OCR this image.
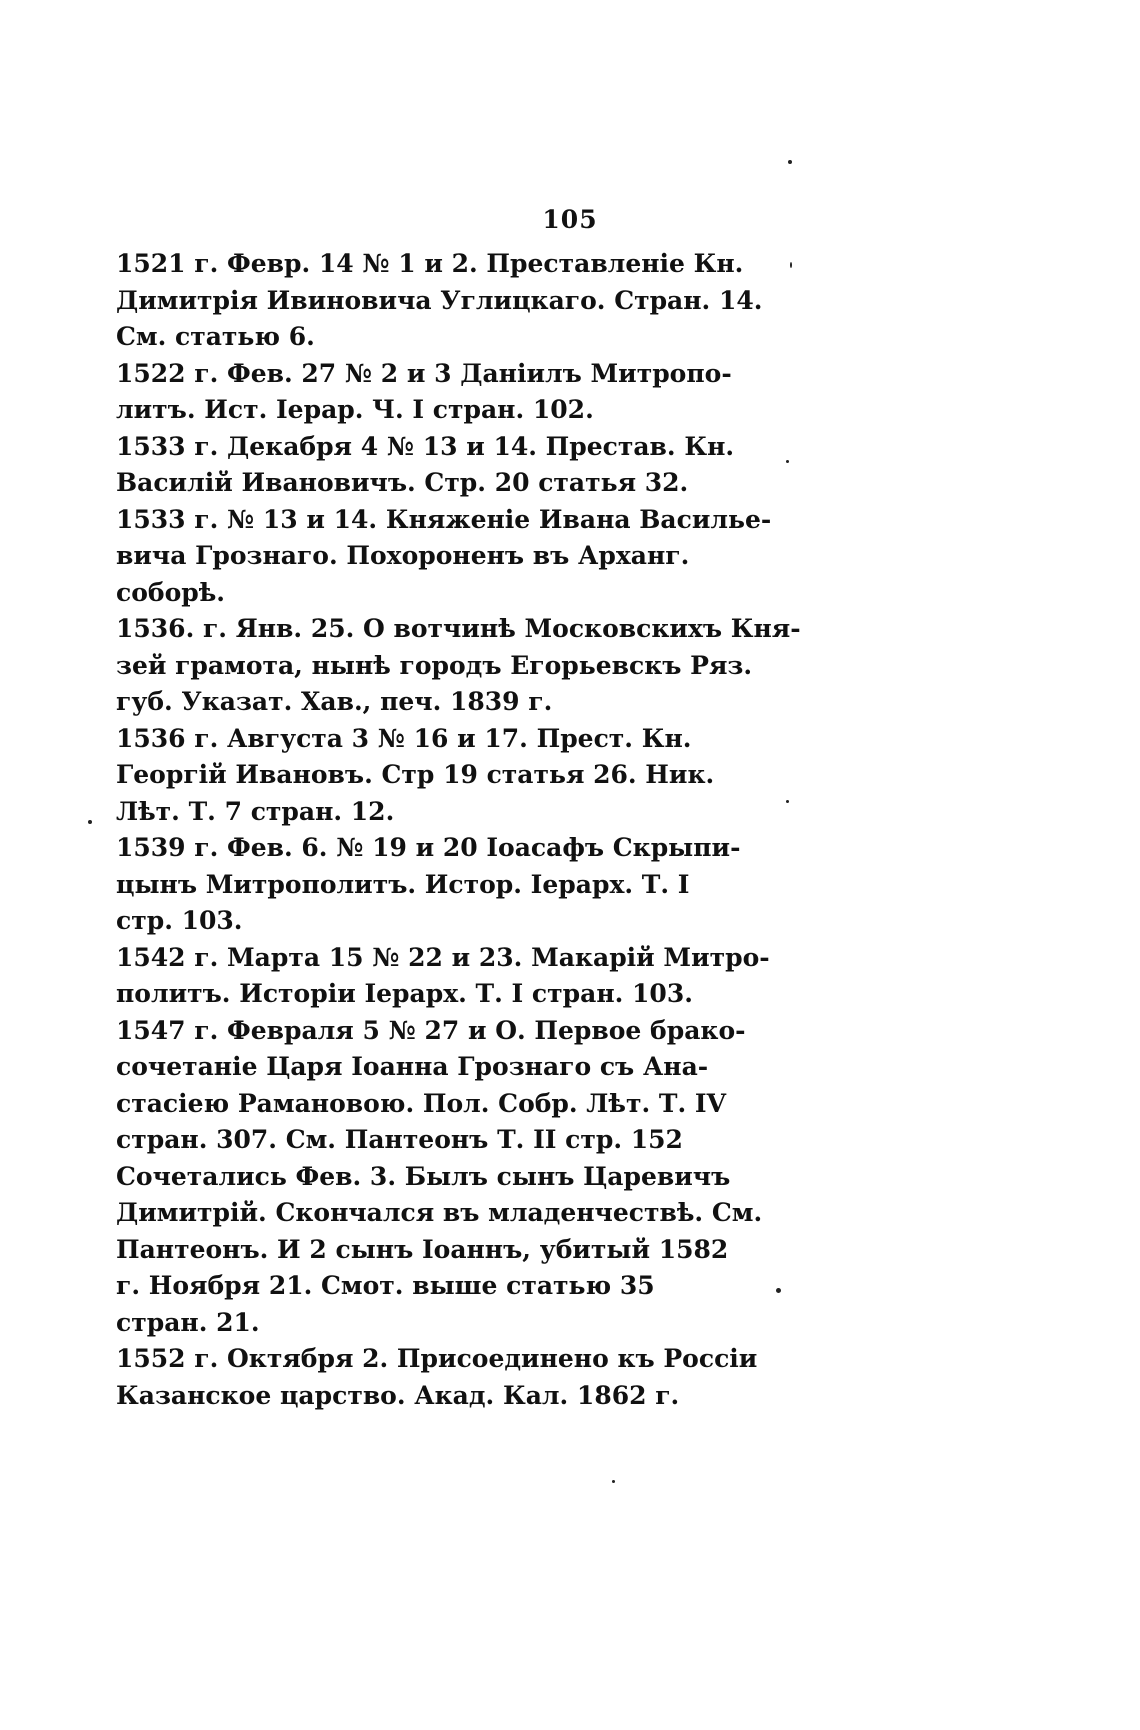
105
1521 г. Февр. 14 № 1 и 2. Преставленіе Кн.
Димитрія Ивиновича Углицкаго. Стран. 14.
См. статью 6.
1522 г. Фев. 27 № 2 и 3 Даніилъ Митропо-
литъ. Ист. Іерар. Ч. I стран. 102.
1533 г. Декабря 4 № 13 и 14. Престав. Кн.
Василій Ивановичъ. Стр. 20 статья 32.
1533 г. № 13 и 14. Княженіе Ивана Василье-
вича Грознаго. Похороненъ въ Арханг.
соборѣ.
1536. г. Янв. 25. О вотчинѣ Московскихъ Кня-
зей грамота, нынѣ городъ Егорьевскъ Ряз.
губ. Указат. Хав., печ. 1839 г.
1536 г. Августа 3 № 16 и 17. Прест. Кн.
Георгій Ивановъ. Стр 19 статья 26. Ник.
Лѣт. Т. 7 стран. 12.
1539 г. Фев. 6. № 19 и 20 Іоасафъ Скрыпи-
цынъ Митрополитъ. Истор. Іерарх. Т. I
стр. 103.
1542 г. Марта 15 № 22 и 23. Макарій Митро-
политъ. Исторіи Іерарх. Т. I стран. 103.
1547 г. Февраля 5 № 27 и О. Первое брако-
сочетаніе Царя Іоанна Грознаго съ Ана-
стасіею Рамановою. Пол. Собр. Лѣт. Т. IV
стран. 307. См. Пантеонъ Т. II стр. 152
Сочетались Фев. 3. Былъ сынъ Царевичъ
Димитрій. Скончался въ младенчествѣ. См.
Пантеонъ. И 2 сынъ Іоаннъ, убитый 1582
г. Ноября 21. Смот. выше статью 35
стран. 21.
1552 г. Октября 2. Присоединено къ Россіи
Казанское царство. Акад. Кал. 1862 г.
